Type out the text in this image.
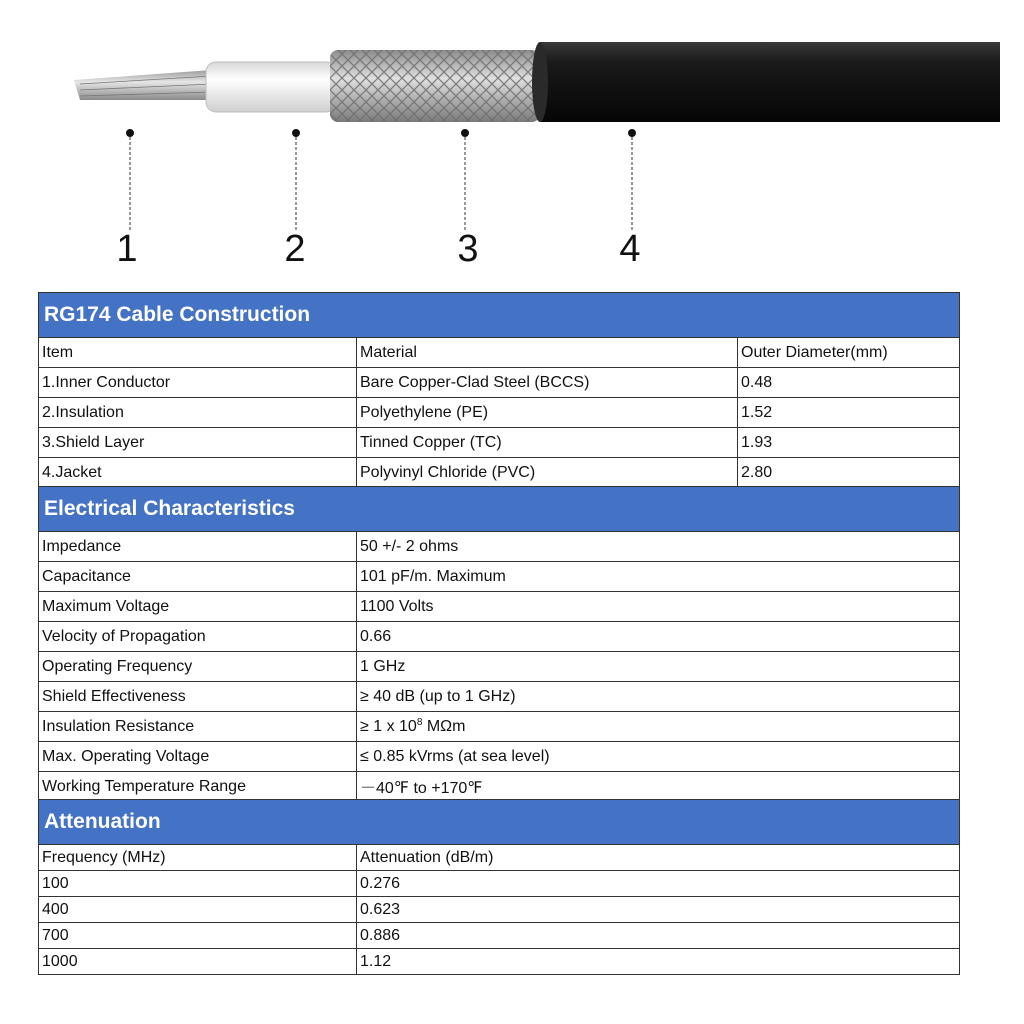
1	2	3	4
RG174 Cable Construction		
Item	Material	Outer Diameter(mm)
1.Inner Conductor	Bare Copper-Clad Steel (BCCS)	0.48
2.Insulation	Polyethylene (PE)	1.52
3.Shield Layer	Tinned Copper (TC)	1.93
4.Jacket	Polyvinyl Chloride (PVC)	2.80
Electrical Characteristics	
Impedance	50 +/- 2 ohms
Capacitance	101 pF/m. Maximum
Maximum Voltage	1100 Volts
Velocity of Propagation	0.66
Operating Frequency	1 GHz
Shield Effectiveness	≥ 40 dB (up to 1 GHz)
Insulation Resistance	≥ 1 x $10^8$ MΩm
Max. Operating Voltage	≤ 0.85 kVrms (at sea level)
Working Temperature Range	－40℉ to +170℉
Attenuation	
Frequency (MHz)	Attenuation (dB/m)
100	0.276
400	0.623
700	0.886
1000	1.12
